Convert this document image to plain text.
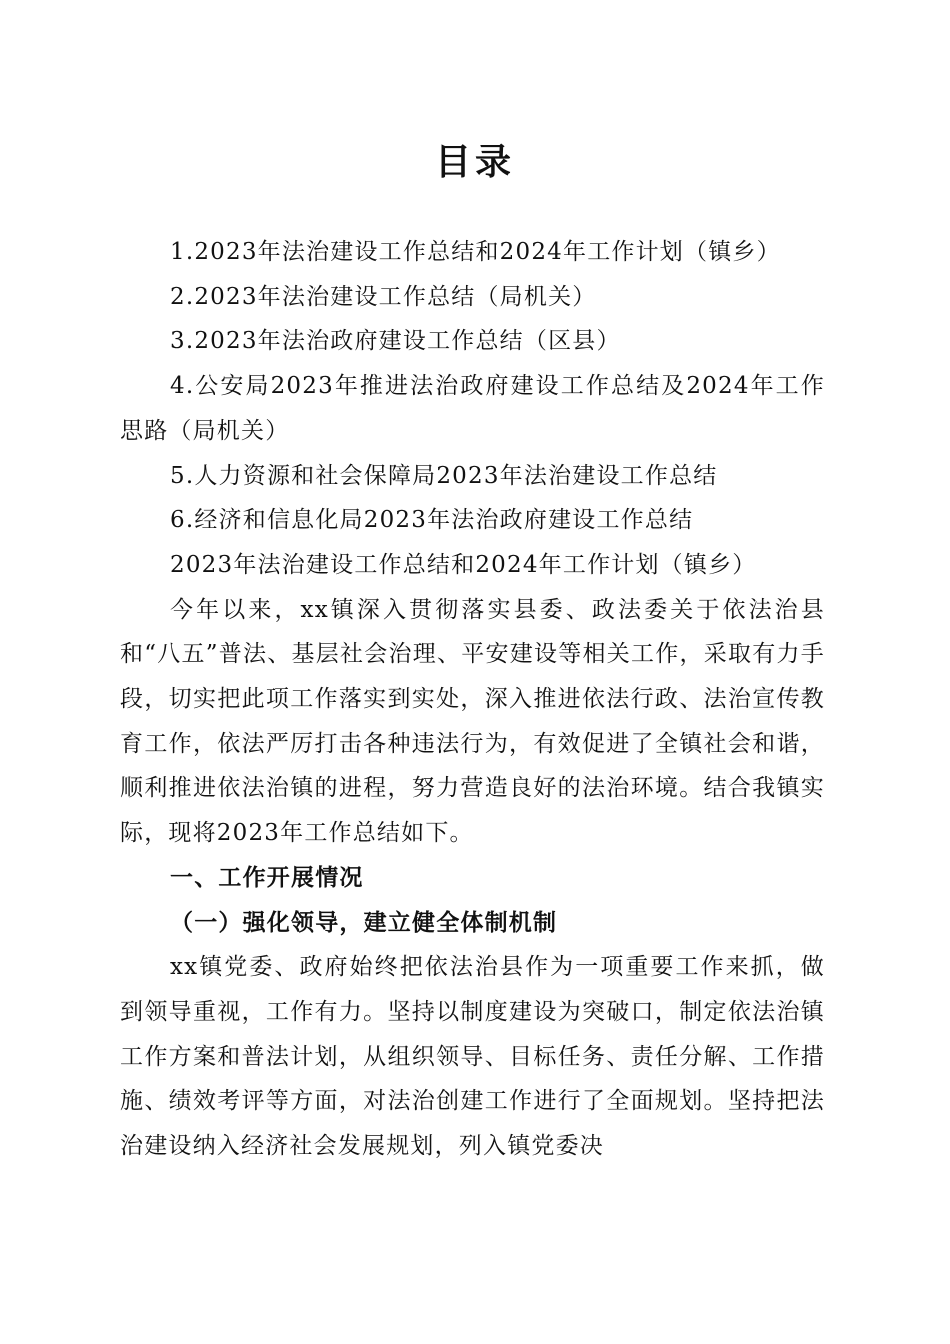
目录

1.2023年法治建设工作总结和2024年工作计划（镇乡）

2.2023年法治建设工作总结（局机关）

3.2023年法治政府建设工作总结（区县）

4.公安局2023年推进法治政府建设工作总结及2024年工作思路（局机关）

5.人力资源和社会保障局2023年法治建设工作总结

6.经济和信息化局2023年法治政府建设工作总结

2023年法治建设工作总结和2024年工作计划（镇乡）

今年以来，xx镇深入贯彻落实县委、政法委关于依法治县和“八五”普法、基层社会治理、平安建设等相关工作，采取有力手段，切实把此项工作落实到实处，深入推进依法行政、法治宣传教育工作，依法严厉打击各种违法行为，有效促进了全镇社会和谐，顺利推进依法治镇的进程，努力营造良好的法治环境。结合我镇实际，现将2023年工作总结如下。

一、工作开展情况

（一）强化领导，建立健全体制机制

xx镇党委、政府始终把依法治县作为一项重要工作来抓，做到领导重视，工作有力。坚持以制度建设为突破口，制定依法治镇工作方案和普法计划，从组织领导、目标任务、责任分解、工作措施、绩效考评等方面，对法治创建工作进行了全面规划。坚持把法治建设纳入经济社会发展规划，列入镇党委决
